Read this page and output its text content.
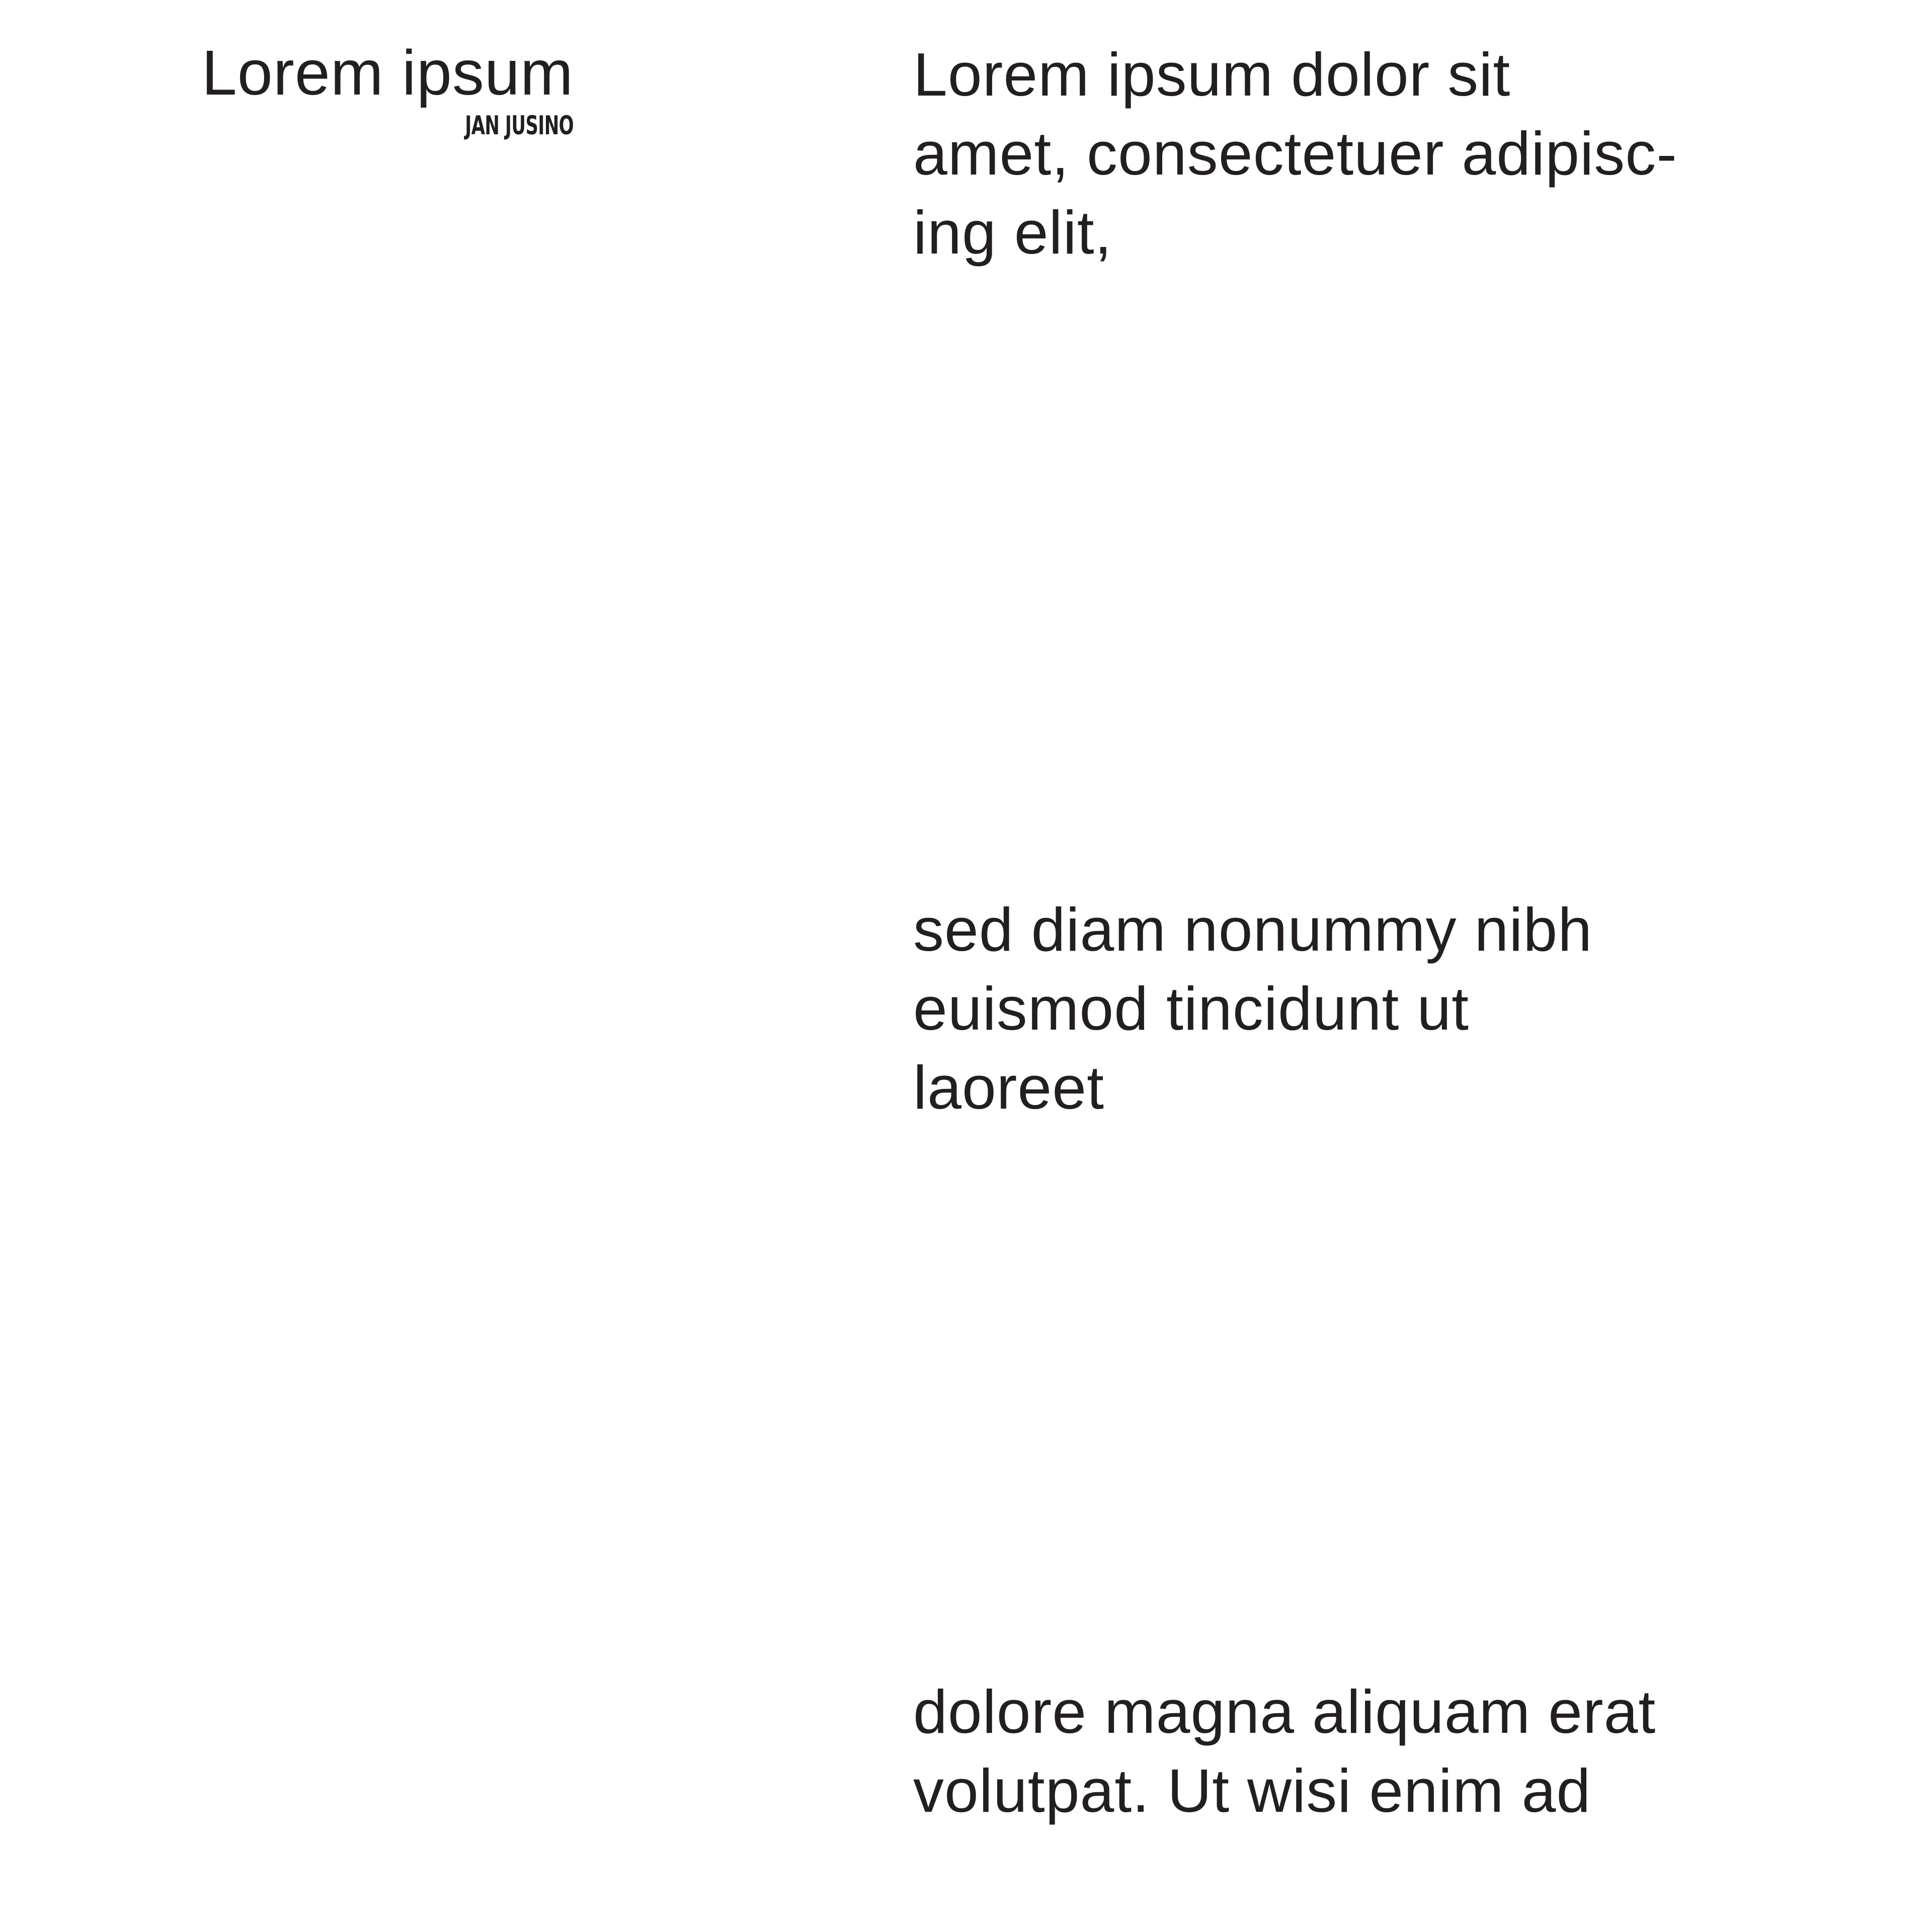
Lorem ipsum
JAN JUSINO
Lorem ipsum dolor sit
amet, consectetuer adipisc-
ing elit,
sed diam nonummy nibh
euismod tincidunt ut
laoreet
dolore magna aliquam erat
volutpat. Ut wisi enim ad
